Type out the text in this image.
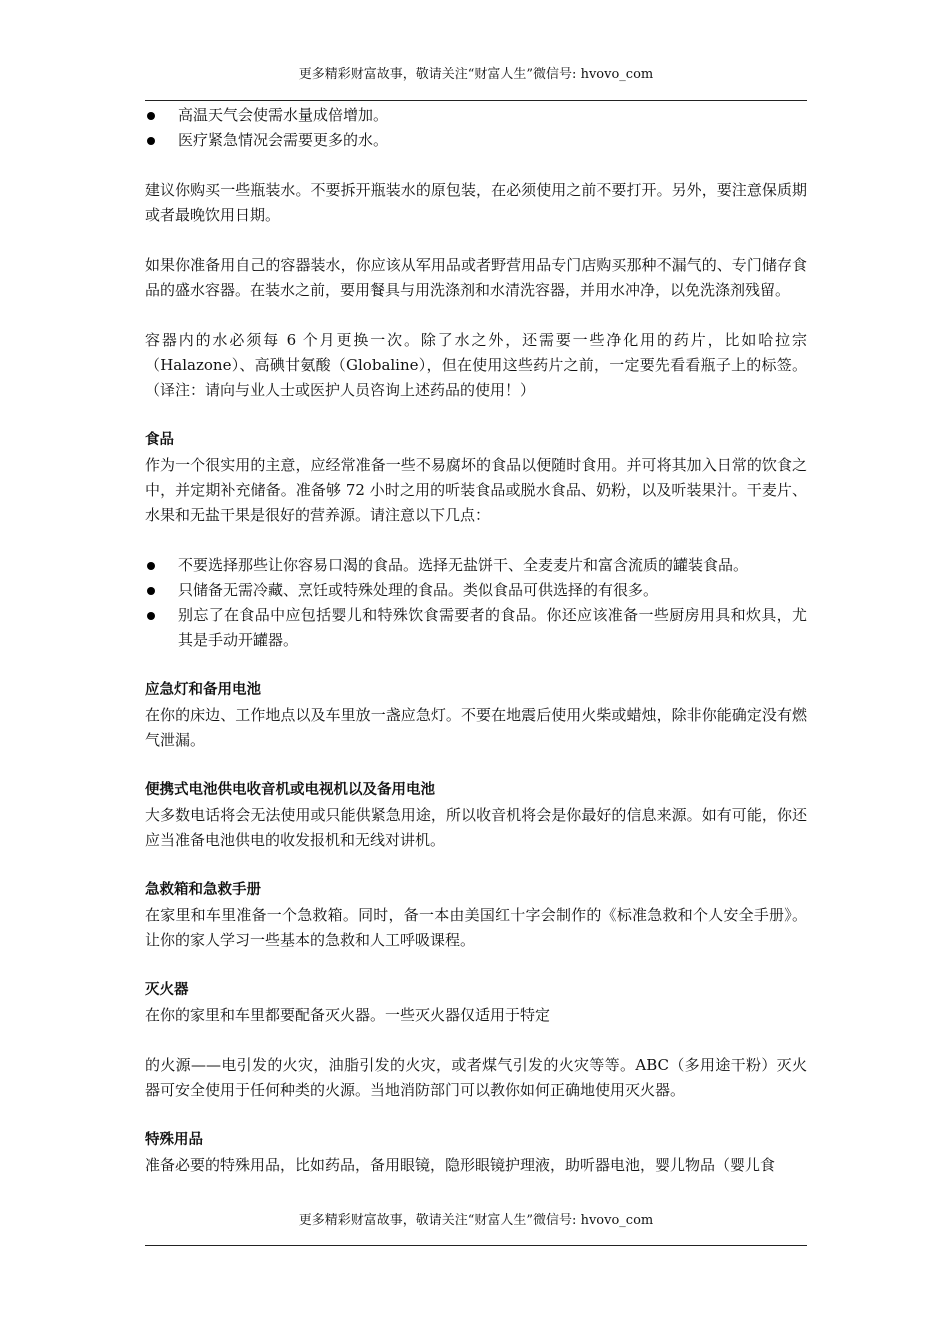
更多精彩财富故事，敬请关注“财富人生”微信号: hvovo_com
高温天气会使需水量成倍增加。
医疗紧急情况会需要更多的水。

建议你购买一些瓶装水。不要拆开瓶装水的原包装，在必须使用之前不要打开。另外，要注意保质期或者最晚饮用日期。

如果你准备用自己的容器装水，你应该从军用品或者野营用品专门店购买那种不漏气的、专门储存食品的盛水容器。在装水之前，要用餐具与用洗涤剂和水清洗容器，并用水冲净，以免洗涤剂残留。

容器内的水必须每 6 个月更换一次。除了水之外，还需要一些净化用的药片，比如哈拉宗（Halazone）、高碘甘氨酸（Globaline），但在使用这些药片之前，一定要先看看瓶子上的标签。（译注：请向与业人士或医护人员咨询上述药品的使用！）

食品

作为一个很实用的主意，应经常准备一些不易腐坏的食品以便随时食用。并可将其加入日常的饮食之中，并定期补充储备。准备够 72 小时之用的听装食品或脱水食品、奶粉，以及听装果汁。干麦片、水果和无盐干果是很好的营养源。请注意以下几点：

不要选择那些让你容易口渴的食品。选择无盐饼干、全麦麦片和富含流质的罐装食品。
只储备无需冷藏、烹饪或特殊处理的食品。类似食品可供选择的有很多。
别忘了在食品中应包括婴儿和特殊饮食需要者的食品。你还应该准备一些厨房用具和炊具，尤其是手动开罐器。

应急灯和备用电池

在你的床边、工作地点以及车里放一盏应急灯。不要在地震后使用火柴或蜡烛，除非你能确定没有燃气泄漏。

便携式电池供电收音机或电视机以及备用电池

大多数电话将会无法使用或只能供紧急用途，所以收音机将会是你最好的信息来源。如有可能，你还应当准备电池供电的收发报机和无线对讲机。

急救箱和急救手册

在家里和车里准备一个急救箱。同时，备一本由美国红十字会制作的《标准急救和个人安全手册》。让你的家人学习一些基本的急救和人工呼吸课程。

灭火器

在你的家里和车里都要配备灭火器。一些灭火器仅适用于特定

的火源——电引发的火灾，油脂引发的火灾，或者煤气引发的火灾等等。ABC（多用途干粉）灭火器可安全使用于任何种类的火源。当地消防部门可以教你如何正确地使用灭火器。

特殊用品

准备必要的特殊用品，比如药品，备用眼镜，隐形眼镜护理液，助听器电池，婴儿物品（婴儿食

更多精彩财富故事，敬请关注“财富人生”微信号: hvovo_com
